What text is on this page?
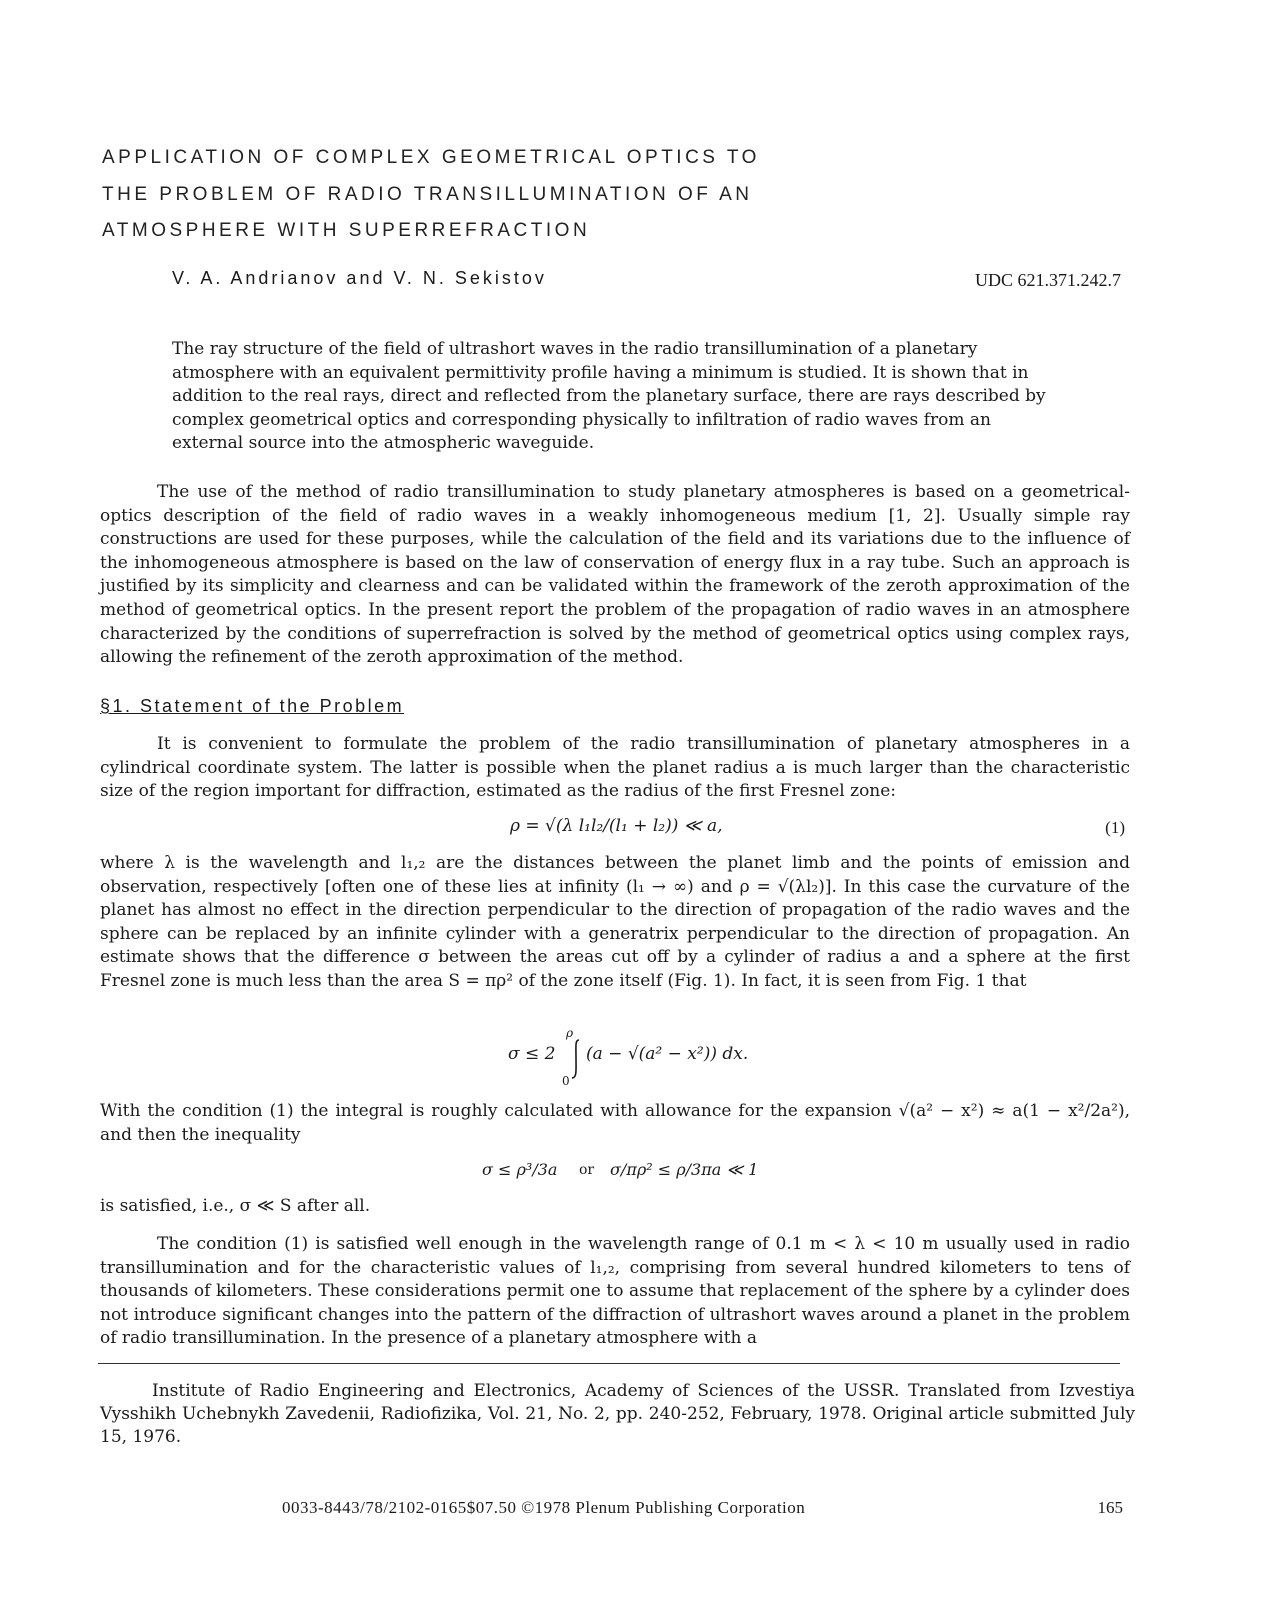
APPLICATION OF COMPLEX GEOMETRICAL OPTICS TO
THE PROBLEM OF RADIO TRANSILLUMINATION OF AN
ATMOSPHERE WITH SUPERREFRACTION
V. A. Andrianov and V. N. Sekistov	UDC 621.371.242.7

The ray structure of the field of ultrashort waves in the radio transillumination of a planetary atmosphere with an equivalent permittivity profile having a minimum is studied. It is shown that in addition to the real rays, direct and reflected from the planetary surface, there are rays described by complex geometrical optics and corresponding physically to infiltration of radio waves from an external source into the atmospheric waveguide.

The use of the method of radio transillumination to study planetary atmospheres is based on a geometrical-optics description of the field of radio waves in a weakly inhomogeneous medium [1, 2]. Usually simple ray constructions are used for these purposes, while the calculation of the field and its variations due to the influence of the inhomogeneous atmosphere is based on the law of conservation of energy flux in a ray tube. Such an approach is justified by its simplicity and clearness and can be validated within the framework of the zeroth approximation of the method of geometrical optics. In the present report the problem of the propagation of radio waves in an atmosphere characterized by the conditions of superrefraction is solved by the method of geometrical optics using complex rays, allowing the refinement of the zeroth approximation of the method.

§1. Statement of the Problem

It is convenient to formulate the problem of the radio transillumination of planetary atmospheres in a cylindrical coordinate system. The latter is possible when the planet radius a is much larger than the characteristic size of the region important for diffraction, estimated as the radius of the first Fresnel zone:

ρ = √(λ l₁l₂/(l₁ + l₂)) ≪ a,	(1)

where λ is the wavelength and l₁,₂ are the distances between the planet limb and the points of emission and observation, respectively [often one of these lies at infinity (l₁ → ∞) and ρ = √(λl₂)]. In this case the curvature of the planet has almost no effect in the direction perpendicular to the direction of propagation of the radio waves and the sphere can be replaced by an infinite cylinder with a generatrix perpendicular to the direction of propagation. An estimate shows that the difference σ between the areas cut off by a cylinder of radius a and a sphere at the first Fresnel zone is much less than the area S = πρ² of the zone itself (Fig. 1). In fact, it is seen from Fig. 1 that

σ ≤ 2
ρ
0
(a − √(a² − x²)) dx.

With the condition (1) the integral is roughly calculated with allowance for the expansion √(a² − x²) ≈ a(1 − x²/2a²), and then the inequality

σ ≤ ρ³/3a or σ/πρ² ≤ ρ/3πa ≪ 1

is satisfied, i.e., σ ≪ S after all.

The condition (1) is satisfied well enough in the wavelength range of 0.1 m < λ < 10 m usually used in radio transillumination and for the characteristic values of l₁,₂, comprising from several hundred kilometers to tens of thousands of kilometers. These considerations permit one to assume that replacement of the sphere by a cylinder does not introduce significant changes into the pattern of the diffraction of ultrashort waves around a planet in the problem of radio transillumination. In the presence of a planetary atmosphere with a

Institute of Radio Engineering and Electronics, Academy of Sciences of the USSR. Translated from Izvestiya Vysshikh Uchebnykh Zavedenii, Radiofizika, Vol. 21, No. 2, pp. 240-252, February, 1978. Original article submitted July 15, 1976.

0033-8443/78/2102-0165$07.50 ©1978 Plenum Publishing Corporation	165
